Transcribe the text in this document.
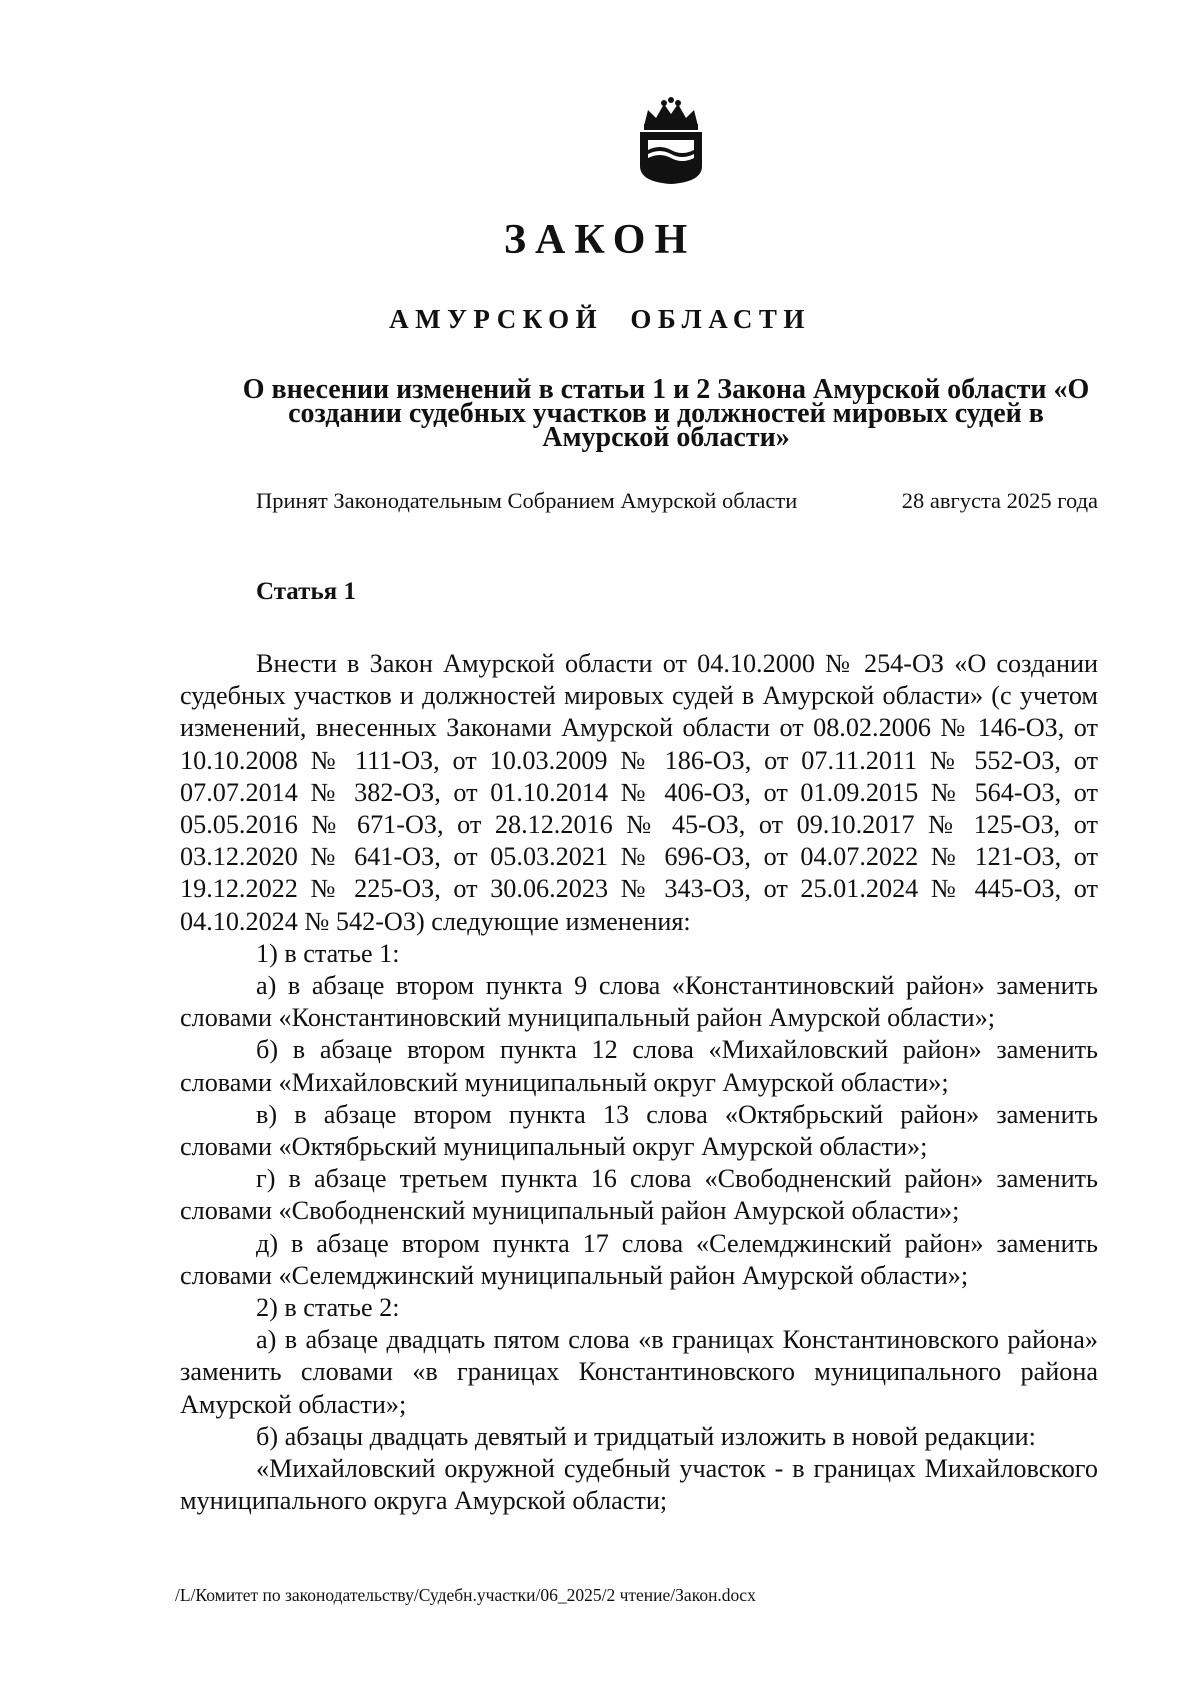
ЗАКОН
АМУРСКОЙ ОБЛАСТИ
О внесении изменений в статьи 1 и 2 Закона Амурской области «О создании судебных участков и должностей мировых судей в Амурской области»
Принят Законодательным Собранием Амурской области	28 августа 2025 года
Статья 1

Внести в Закон Амурской области от 04.10.2000 № 254-ОЗ «О создании судебных участков и должностей мировых судей в Амурской области» (с учетом изменений, внесенных Законами Амурской области от 08.02.2006 № 146-ОЗ, от 10.10.2008 № 111-ОЗ, от 10.03.2009 № 186-ОЗ, от 07.11.2011 № 552-ОЗ, от 07.07.2014 № 382-ОЗ, от 01.10.2014 № 406-ОЗ, от 01.09.2015 № 564-ОЗ, от 05.05.2016 № 671-ОЗ, от 28.12.2016 № 45-ОЗ, от 09.10.2017 № 125-ОЗ, от 03.12.2020 № 641-ОЗ, от 05.03.2021 № 696-ОЗ, от 04.07.2022 № 121-ОЗ, от 19.12.2022 № 225-ОЗ, от 30.06.2023 № 343-ОЗ, от 25.01.2024 № 445-ОЗ, от 04.10.2024 № 542-ОЗ) следующие изменения:

1) в статье 1:

а) в абзаце втором пункта 9 слова «Константиновский район» заменить словами «Константиновский муниципальный район Амурской области»;

б) в абзаце втором пункта 12 слова «Михайловский район» заменить словами «Михайловский муниципальный округ Амурской области»;

в) в абзаце втором пункта 13 слова «Октябрьский район» заменить словами «Октябрьский муниципальный округ Амурской области»;

г) в абзаце третьем пункта 16 слова «Свободненский район» заменить словами «Свободненский муниципальный район Амурской области»;

д) в абзаце втором пункта 17 слова «Селемджинский район» заменить словами «Селемджинский муниципальный район Амурской области»;

2) в статье 2:

а) в абзаце двадцать пятом слова «в границах Константиновского района» заменить словами «в границах Константиновского муниципального района Амурской области»;

б) абзацы двадцать девятый и тридцатый изложить в новой редакции:

«Михайловский окружной судебный участок - в границах Михайловского муниципального округа Амурской области;

/L/Комитет по законодательству/Судебн.участки/06_2025/2 чтение/Закон.docx
